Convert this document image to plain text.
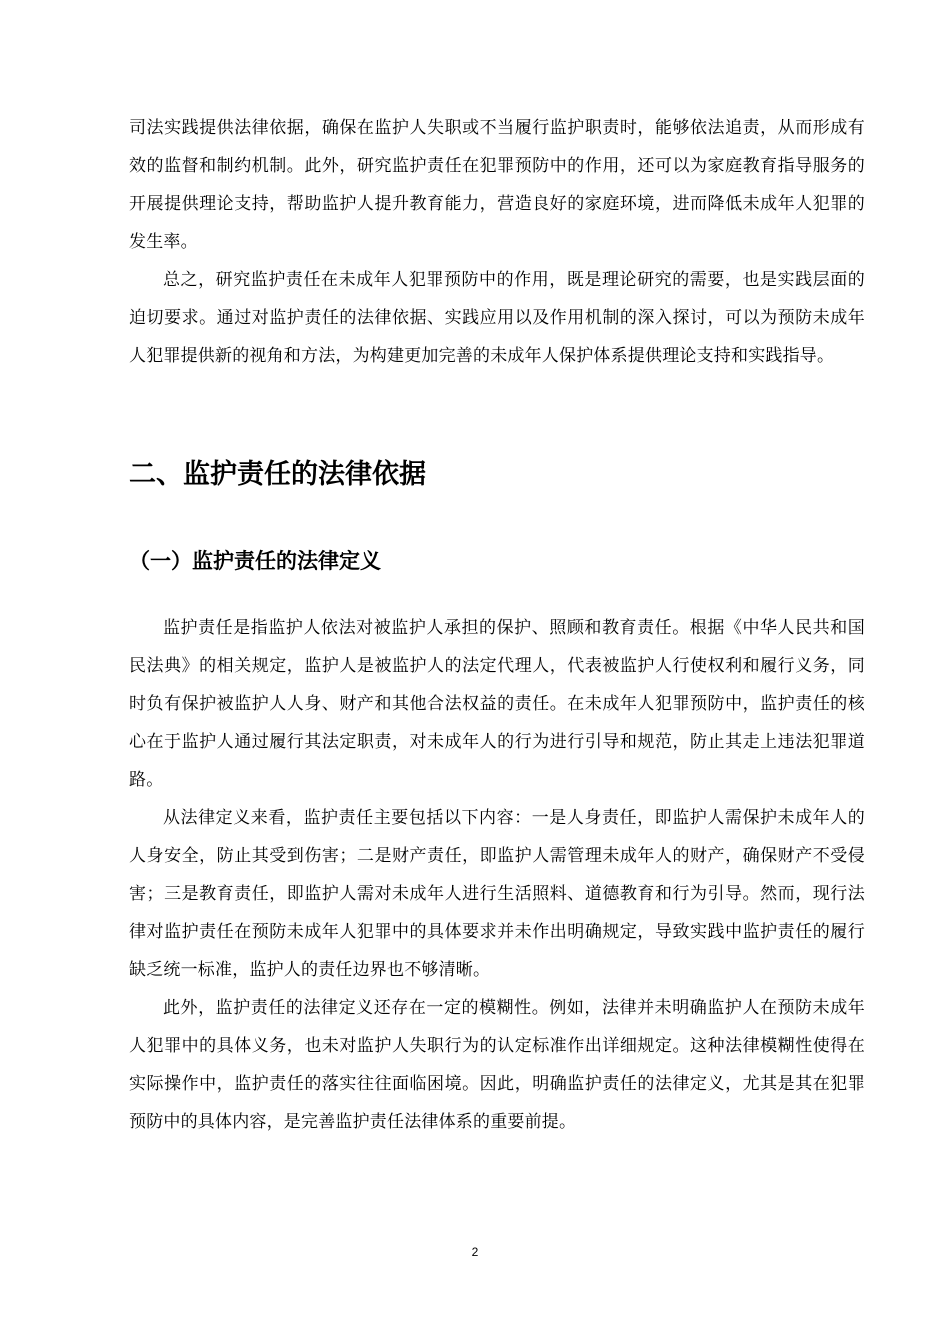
司法实践提供法律依据，确保在监护人失职或不当履行监护职责时，能够依法追责，从而形成有效的监督和制约机制。此外，研究监护责任在犯罪预防中的作用，还可以为家庭教育指导服务的开展提供理论支持，帮助监护人提升教育能力，营造良好的家庭环境，进而降低未成年人犯罪的发生率。

总之，研究监护责任在未成年人犯罪预防中的作用，既是理论研究的需要，也是实践层面的迫切要求。通过对监护责任的法律依据、实践应用以及作用机制的深入探讨，可以为预防未成年人犯罪提供新的视角和方法，为构建更加完善的未成年人保护体系提供理论支持和实践指导。

二、监护责任的法律依据
（一）监护责任的法律定义

监护责任是指监护人依法对被监护人承担的保护、照顾和教育责任。根据《中华人民共和国民法典》的相关规定，监护人是被监护人的法定代理人，代表被监护人行使权利和履行义务，同时负有保护被监护人人身、财产和其他合法权益的责任。在未成年人犯罪预防中，监护责任的核心在于监护人通过履行其法定职责，对未成年人的行为进行引导和规范，防止其走上违法犯罪道路。

从法律定义来看，监护责任主要包括以下内容：一是人身责任，即监护人需保护未成年人的人身安全，防止其受到伤害；二是财产责任，即监护人需管理未成年人的财产，确保财产不受侵害；三是教育责任，即监护人需对未成年人进行生活照料、道德教育和行为引导。然而，现行法律对监护责任在预防未成年人犯罪中的具体要求并未作出明确规定，导致实践中监护责任的履行缺乏统一标准，监护人的责任边界也不够清晰。

此外，监护责任的法律定义还存在一定的模糊性。例如，法律并未明确监护人在预防未成年人犯罪中的具体义务，也未对监护人失职行为的认定标准作出详细规定。这种法律模糊性使得在实际操作中，监护责任的落实往往面临困境。因此，明确监护责任的法律定义，尤其是其在犯罪预防中的具体内容，是完善监护责任法律体系的重要前提。

2
